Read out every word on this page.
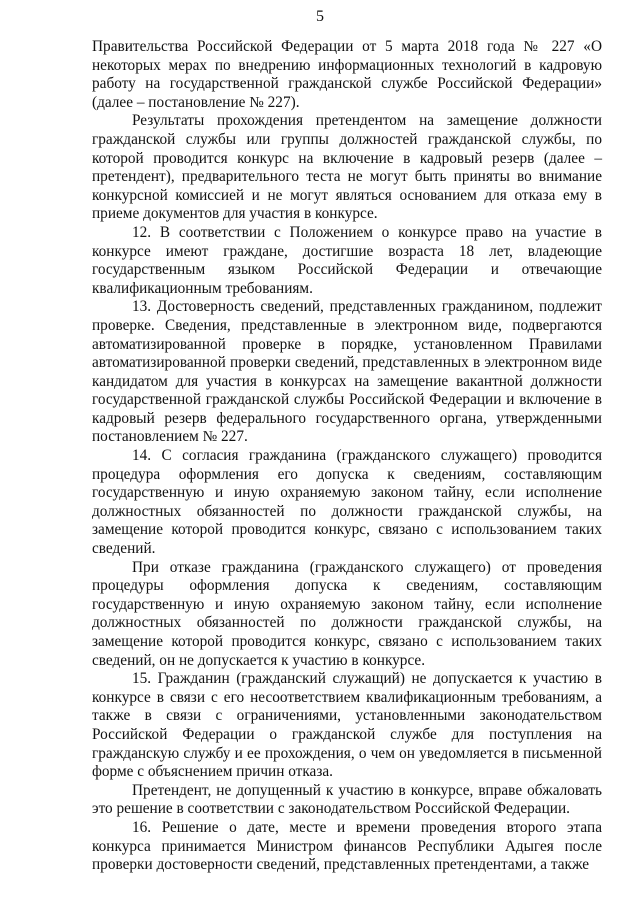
5

Правительства Российской Федерации от 5 марта 2018 года № 227 «О некоторых мерах по внедрению информационных технологий в кадровую работу на государственной гражданской службе Российской Федерации» (далее – постановление № 227).

Результаты прохождения претендентом на замещение должности гражданской службы или группы должностей гражданской службы, по которой проводится конкурс на включение в кадровый резерв (далее – претендент), предварительного теста не могут быть приняты во внимание конкурсной комиссией и не могут являться основанием для отказа ему в приеме документов для участия в конкурсе.

12. В соответствии с Положением о конкурсе право на участие в конкурсе имеют граждане, достигшие возраста 18 лет, владеющие государственным языком Российской Федерации и отвечающие квалификационным требованиям.

13. Достоверность сведений, представленных гражданином, подлежит проверке. Сведения, представленные в электронном виде, подвергаются автоматизированной проверке в порядке, установленном Правилами автоматизированной проверки сведений, представленных в электронном виде кандидатом для участия в конкурсах на замещение вакантной должности государственной гражданской службы Российской Федерации и включение в кадровый резерв федерального государственного органа, утвержденными постановлением № 227.

14. С согласия гражданина (гражданского служащего) проводится процедура оформления его допуска к сведениям, составляющим государственную и иную охраняемую законом тайну, если исполнение должностных обязанностей по должности гражданской службы, на замещение которой проводится конкурс, связано с использованием таких сведений.

При отказе гражданина (гражданского служащего) от проведения процедуры оформления допуска к сведениям, составляющим государственную и иную охраняемую законом тайну, если исполнение должностных обязанностей по должности гражданской службы, на замещение которой проводится конкурс, связано с использованием таких сведений, он не допускается к участию в конкурсе.

15. Гражданин (гражданский служащий) не допускается к участию в конкурсе в связи с его несоответствием квалификационным требованиям, а также в связи с ограничениями, установленными законодательством Российской Федерации о гражданской службе для поступления на гражданскую службу и ее прохождения, о чем он уведомляется в письменной форме с объяснением причин отказа.

Претендент, не допущенный к участию в конкурсе, вправе обжаловать это решение в соответствии с законодательством Российской Федерации.

16. Решение о дате, месте и времени проведения второго этапа конкурса принимается Министром финансов Республики Адыгея после проверки достоверности сведений, представленных претендентами, а также
